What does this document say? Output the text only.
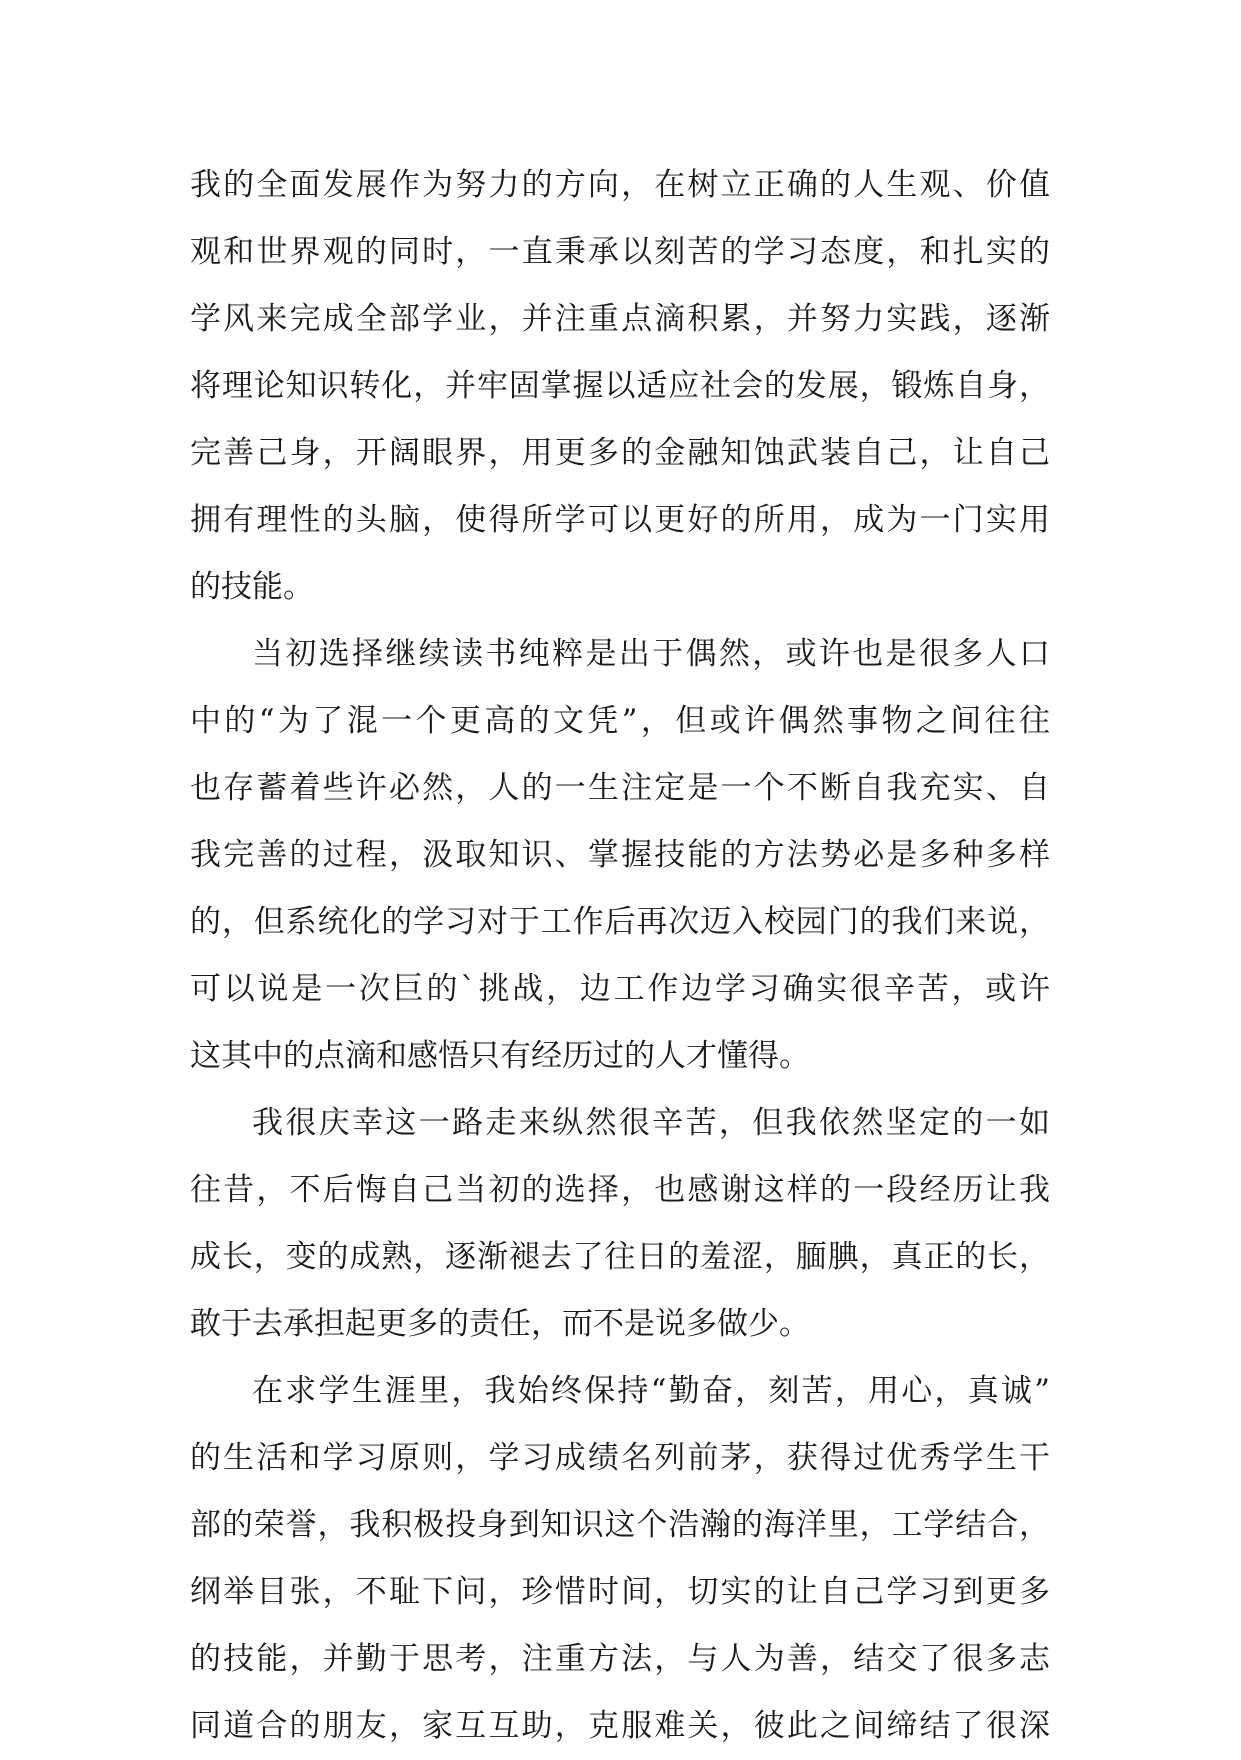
我的全面发展作为努力的方向，在树立正确的人生观、价值
观和世界观的同时，一直秉承以刻苦的学习态度，和扎实的
学风来完成全部学业，并注重点滴积累，并努力实践，逐渐
将理论知识转化，并牢固掌握以适应社会的发展，锻炼自身，
完善己身，开阔眼界，用更多的金融知蚀武装自己，让自己
拥有理性的头脑，使得所学可以更好的所用，成为一门实用
的技能。
当初选择继续读书纯粹是出于偶然，或许也是很多人口
中的“为了混一个更高的文凭”，但或许偶然事物之间往往
也存蓄着些许必然，人的一生注定是一个不断自我充实、自
我完善的过程，汲取知识、掌握技能的方法势必是多种多样
的，但系统化的学习对于工作后再次迈入校园门的我们来说，
可以说是一次巨的`挑战，边工作边学习确实很辛苦，或许
这其中的点滴和感悟只有经历过的人才懂得。
我很庆幸这一路走来纵然很辛苦，但我依然坚定的一如
往昔，不后悔自己当初的选择，也感谢这样的一段经历让我
成长，变的成熟，逐渐褪去了往日的羞涩，腼腆，真正的长，
敢于去承担起更多的责任，而不是说多做少。
在求学生涯里，我始终保持“勤奋，刻苦，用心，真诚”
的生活和学习原则，学习成绩名列前茅，获得过优秀学生干
部的荣誉，我积极投身到知识这个浩瀚的海洋里，工学结合，
纲举目张，不耻下问，珍惜时间，切实的让自己学习到更多
的技能，并勤于思考，注重方法，与人为善，结交了很多志
同道合的朋友，家互互助，克服难关，彼此之间缔结了很深
